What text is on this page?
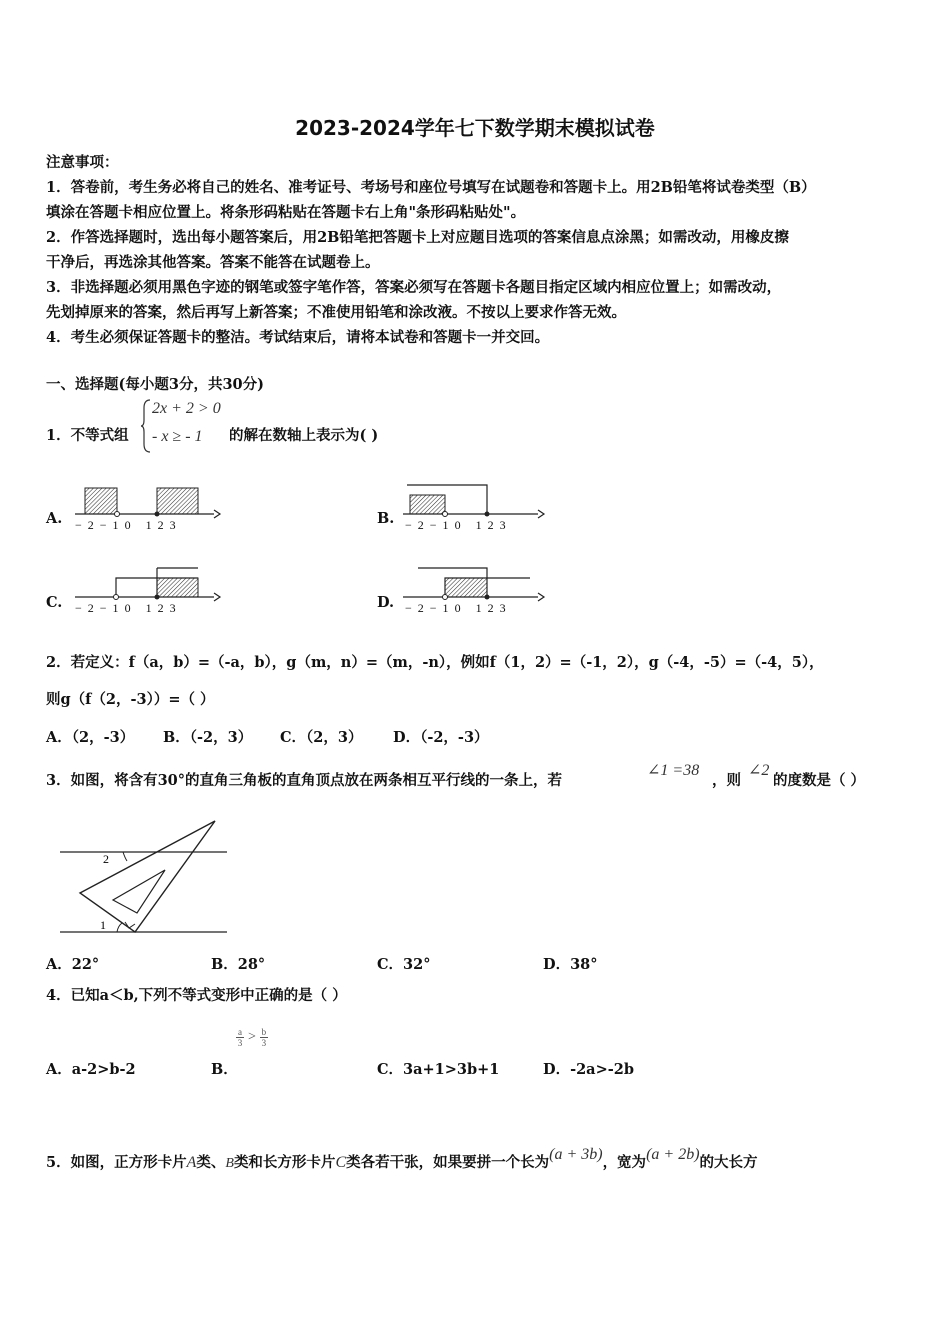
2023-2024学年七下数学期末模拟试卷
注意事项：
1．答卷前，考生务必将自己的姓名、准考证号、考场号和座位号填写在试题卷和答题卡上。用2B铅笔将试卷类型（B）
填涂在答题卡相应位置上。将条形码粘贴在答题卡右上角"条形码粘贴处"。
2．作答选择题时，选出每小题答案后，用2B铅笔把答题卡上对应题目选项的答案信息点涂黑；如需改动，用橡皮擦
干净后，再选涂其他答案。答案不能答在试题卷上。
3．非选择题必须用黑色字迹的钢笔或签字笔作答，答案必须写在答题卡各题目指定区域内相应位置上；如需改动，
先划掉原来的答案，然后再写上新答案；不准使用铅笔和涂改液。不按以上要求作答无效。
4．考生必须保证答题卡的整洁。考试结束后，请将本试卷和答题卡一并交回。
一、选择题(每小题3分，共30分)
1．不等式组
2x + 2 > 0
- x ≥ - 1 的解在数轴上表示为( )
A.	B.
C.	D.
−2−10 123	−2−10 123
−2−10 123	−2−10 123
2．若定义：f（a，b）=（-a，b），g（m，n）=（m，-n），例如f（1，2）=（-1，2），g（-4，-5）=（-4，5），
则g（f（2，-3））=（ ）
A．（2，-3） B．（-2，3） C．（2，3） D．（-2，-3）
3．如图，将含有30°的直角三角板的直角顶点放在两条相互平行线的一条上，若
∠1 =38
，则
∠2
的度数是（ ）
2
1
A．22°	B．28°	C．32°	D．38°
4．已知a＜b,下列不等式变形中正确的是（ ）
A．a-2>b-2	B．
$\frac{a}{3} > \frac{b}{3}$
C．3a+1>3b+1	D．-2a>-2b
5．如图，正方形卡片A类、B类和长方形卡片C类各若干张，如果要拼一个长为(a + 3b)，宽为(a + 2b)的大长方
